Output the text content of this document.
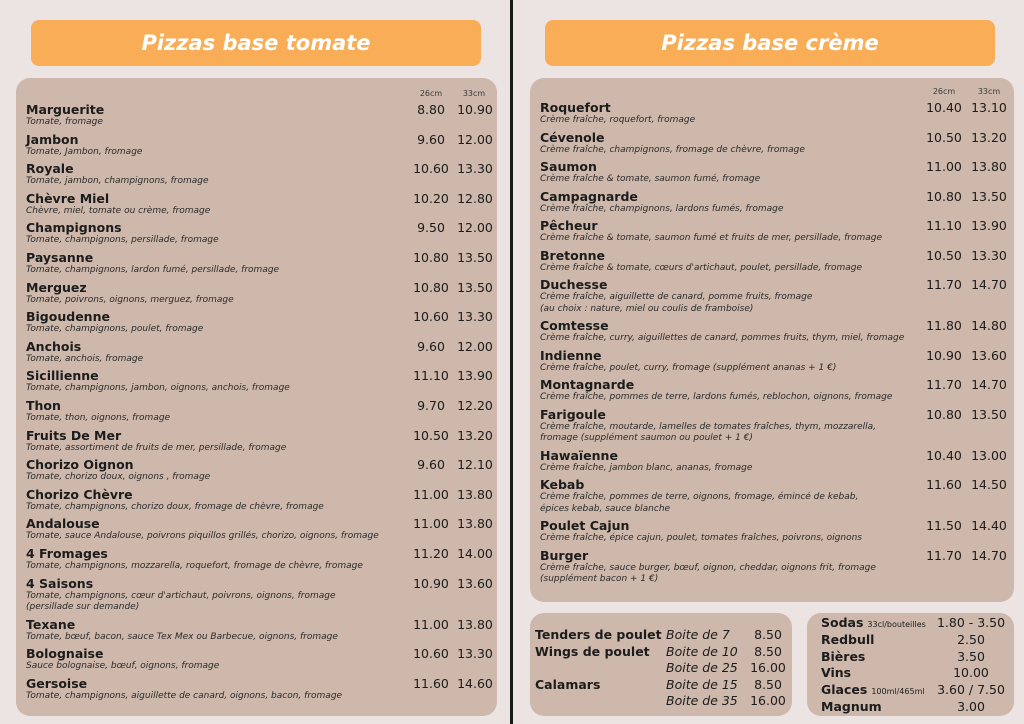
Pizzas base tomate
26cm	33cm
Marguerite
Tomate, fromage
8.80 10.90
Jambon
Tomate, Jambon, fromage
9.60 12.00
Royale
Tomate, jambon, champignons, fromage
10.60 13.30
Chèvre Miel
Chèvre, miel, tomate ou crème, fromage
10.20 12.80
Champignons
Tomate, champignons, persillade, fromage
9.50 12.00
Paysanne
Tomate, champignons, lardon fumé, persillade, fromage
10.80 13.50
Merguez
Tomate, poivrons, oignons, merguez, fromage
10.80 13.50
Bigoudenne
Tomate, champignons, poulet, fromage
10.60 13.30
Anchois
Tomate, anchois, fromage
9.60 12.00
Sicillienne
Tomate, champignons, jambon, oignons, anchois, fromage
11.10 13.90
Thon
Tomate, thon, oignons, fromage
9.70 12.20
Fruits De Mer
Tomate, assortiment de fruits de mer, persillade, fromage
10.50 13.20
Chorizo Oignon
Tomate, chorizo doux, oignons , fromage
9.60 12.10
Chorizo Chèvre
Tomate, champignons, chorizo doux, fromage de chèvre, fromage
11.00 13.80
Andalouse
Tomate, sauce Andalouse, poivrons piquillos grillés, chorizo, oignons, fromage
11.00 13.80
4 Fromages
Tomate, champignons, mozzarella, roquefort, fromage de chèvre, fromage
11.20 14.00
4 Saisons
Tomate, champignons, cœur d'artichaut, poivrons, oignons, fromage
(persillade sur demande)
10.90 13.60
Texane
Tomate, bœuf, bacon, sauce Tex Mex ou Barbecue, oignons, fromage
11.00 13.80
Bolognaise
Sauce bolognaise, bœuf, oignons, fromage
10.60 13.30
Gersoise
Tomate, champignons, aiguillette de canard, oignons, bacon, fromage
11.60 14.60
Pizzas base crème
26cm	33cm
Roquefort
Crème fraîche, roquefort, fromage
10.40 13.10
Cévenole
Crème fraîche, champignons, fromage de chèvre, fromage
10.50 13.20
Saumon
Crème fraîche & tomate, saumon fumé, fromage
11.00 13.80
Campagnarde
Crème fraîche, champignons, lardons fumés, fromage
10.80 13.50
Pêcheur
Crème fraîche & tomate, saumon fumé et fruits de mer, persillade, fromage
11.10 13.90
Bretonne
Crème fraîche & tomate, cœurs d'artichaut, poulet, persillade, fromage
10.50 13.30
Duchesse
Crème fraîche, aiguillette de canard, pomme fruits, fromage
(au choix : nature, miel ou coulis de framboise)
11.70 14.70
Comtesse
Crème fraîche, curry, aiguillettes de canard, pommes fruits, thym, miel, fromage
11.80 14.80
Indienne
Crème fraîche, poulet, curry, fromage (supplément ananas + 1 €)
10.90 13.60
Montagnarde
Crème fraîche, pommes de terre, lardons fumés, reblochon, oignons, fromage
11.70 14.70
Farigoule
Crème fraîche, moutarde, lamelles de tomates fraîches, thym, mozzarella,
fromage (supplément saumon ou poulet + 1 €)
10.80 13.50
Hawaïenne
Crème fraîche, jambon blanc, ananas, fromage
10.40 13.00
Kebab
Crème fraîche, pommes de terre, oignons, fromage, émincé de kebab,
épices kebab, sauce blanche
11.60 14.50
Poulet Cajun
Crème fraîche, épice cajun, poulet, tomates fraîches, poivrons, oignons
11.50 14.40
Burger
Crème fraîche, sauce burger, bœuf, oignon, cheddar, oignons frit, fromage
(supplément bacon + 1 €)
11.70 14.70
Tenders de poulet Boite de 7	8.50
Wings de poulet Boite de 10	8.50
Boite de 25 16.00
Calamars	Boite de 15	8.50
Boite de 35 16.00
Sodas 33cl/bouteilles 1.80 - 3.50
Redbull	2.50
Bières	3.50
Vins	10.00
Glaces 100ml/465ml	3.60 / 7.50
Magnum	3.00
